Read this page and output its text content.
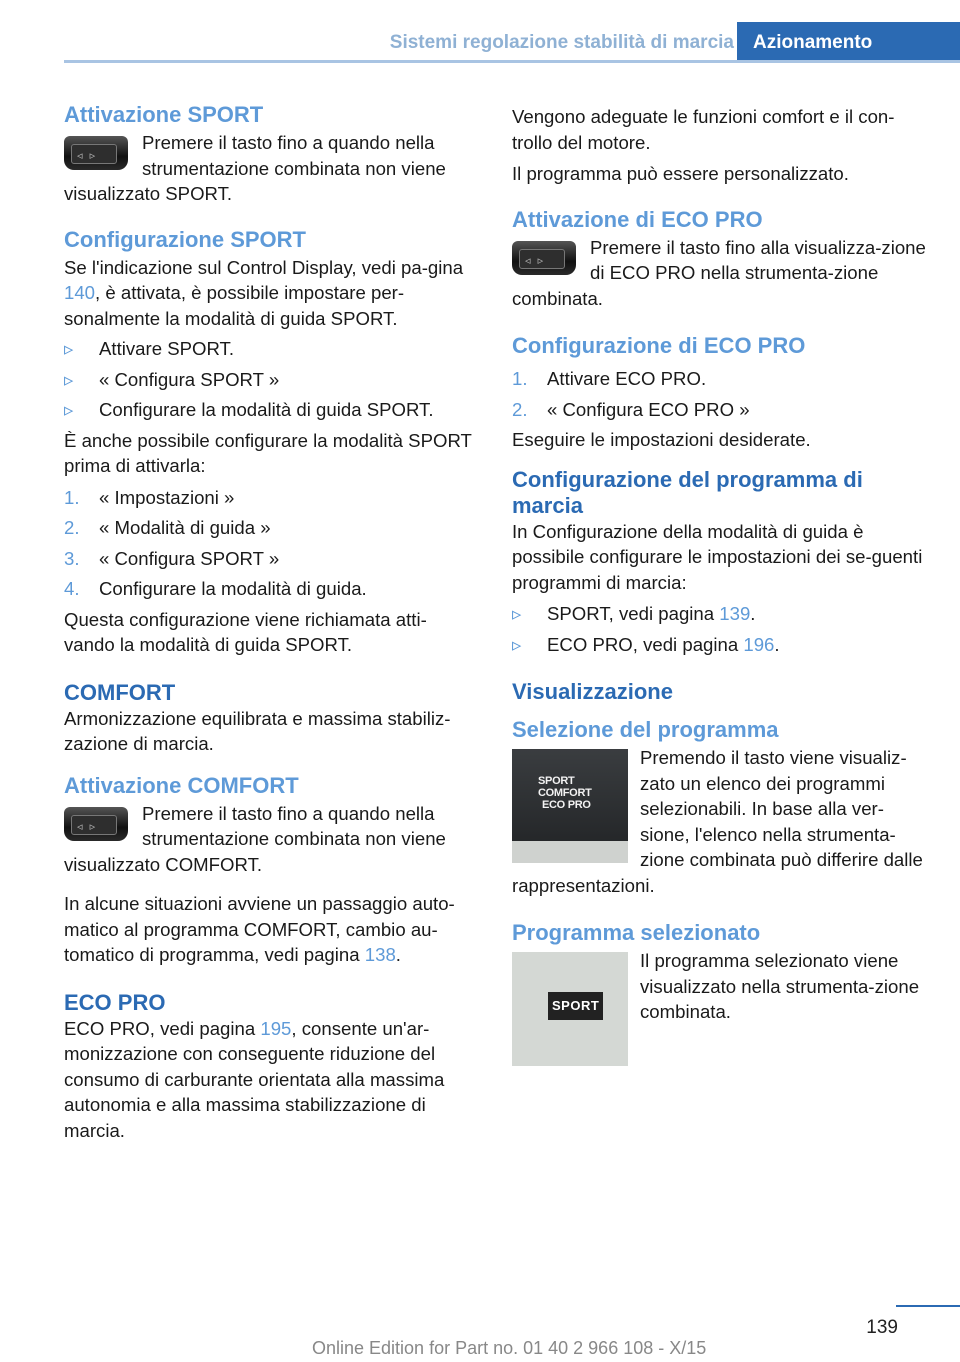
Sistemi regolazione stabilità di marcia	Azionamento
Attivazione SPORT
◃ ▹

Premere il tasto fino a quando nella strumentazione combinata non viene visualizzato SPORT.

Configurazione SPORT

Se l'indicazione sul Control Display, vedi pa-gina 140, è attivata, è possibile impostare per-sonalmente la modalità di guida SPORT.

▹ Attivare SPORT.
▹ « Configura SPORT »
▹ Configurare la modalità di guida SPORT.

È anche possibile configurare la modalità SPORT prima di attivarla:

1. « Impostazioni »
2. « Modalità di guida »
3. « Configura SPORT »
4. Configurare la modalità di guida.

Questa configurazione viene richiamata atti-vando la modalità di guida SPORT.

COMFORT

Armonizzazione equilibrata e massima stabiliz-zazione di marcia.

Attivazione COMFORT
◃ ▹

Premere il tasto fino a quando nella strumentazione combinata non viene visualizzato COMFORT.

In alcune situazioni avviene un passaggio auto-matico al programma COMFORT, cambio au-tomatico di programma, vedi pagina 138.

ECO PRO

ECO PRO, vedi pagina 195, consente un'ar-monizzazione con conseguente riduzione del consumo di carburante orientata alla massima autonomia e alla massima stabilizzazione di marcia.

Vengono adeguate le funzioni comfort e il con-trollo del motore.

Il programma può essere personalizzato.

Attivazione di ECO PRO
◃ ▹

Premere il tasto fino alla visualizza-zione di ECO PRO nella strumenta-zione combinata.

Configurazione di ECO PRO
1. Attivare ECO PRO.
2. « Configura ECO PRO »

Eseguire le impostazioni desiderate.

Configurazione del programma di marcia

In Configurazione della modalità di guida è possibile configurare le impostazioni dei se-guenti programmi di marcia:

▹ SPORT, vedi pagina 139.
▹ ECO PRO, vedi pagina 196.
Visualizzazione
Selezione del programma
SPORT
COMFORT
ECO PRO

Premendo il tasto viene visualiz-zato un elenco dei programmi selezionabili. In base alla ver-sione, l'elenco nella strumenta-zione combinata può differire dalle rappresentazioni.

Programma selezionato
SPORT

Il programma selezionato viene visualizzato nella strumenta-zione combinata.

139
Online Edition for Part no. 01 40 2 966 108 - X/15
